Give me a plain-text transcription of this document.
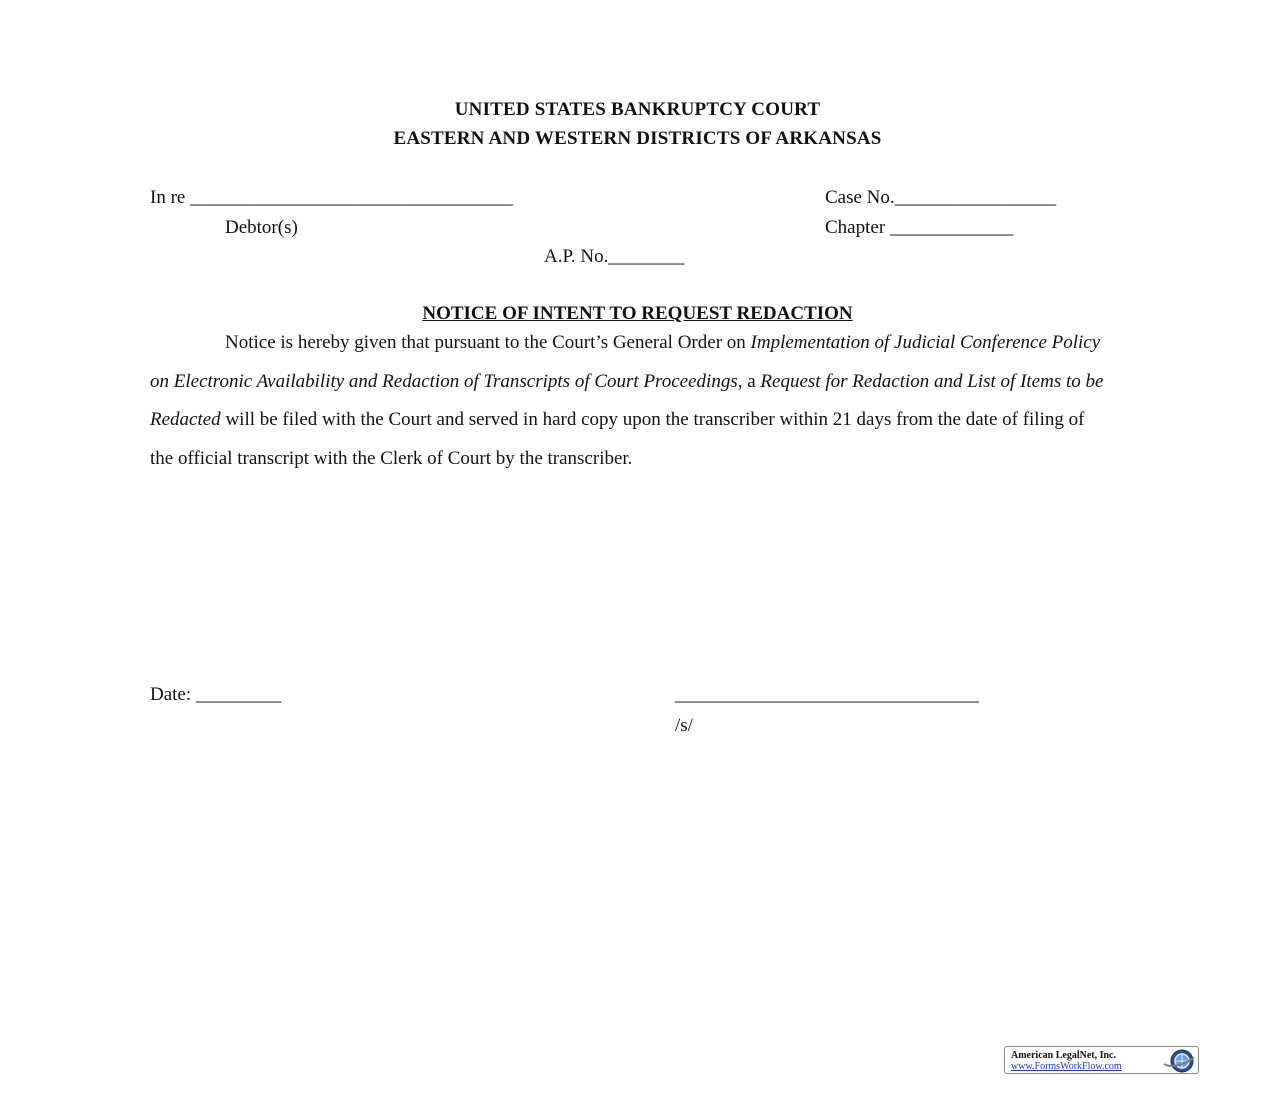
UNITED STATES BANKRUPTCY COURT
EASTERN AND WESTERN DISTRICTS OF ARKANSAS
In re __________________________________	Case No._________________
Debtor(s)	Chapter _____________
A.P. No.________
NOTICE OF INTENT TO REQUEST REDACTION
Notice is hereby given that pursuant to the Court’s General Order on Implementation of Judicial Conference Policy on Electronic Availability and Redaction of Transcripts of Court Proceedings, a Request for Redaction and List of Items to be Redacted will be filed with the Court and served in hard copy upon the transcriber within 21 days from the date of filing of the official transcript with the Clerk of Court by the transcriber.
Date: _________	________________________________
/s/
American LegalNet, Inc.
www.FormsWorkFlow.com
